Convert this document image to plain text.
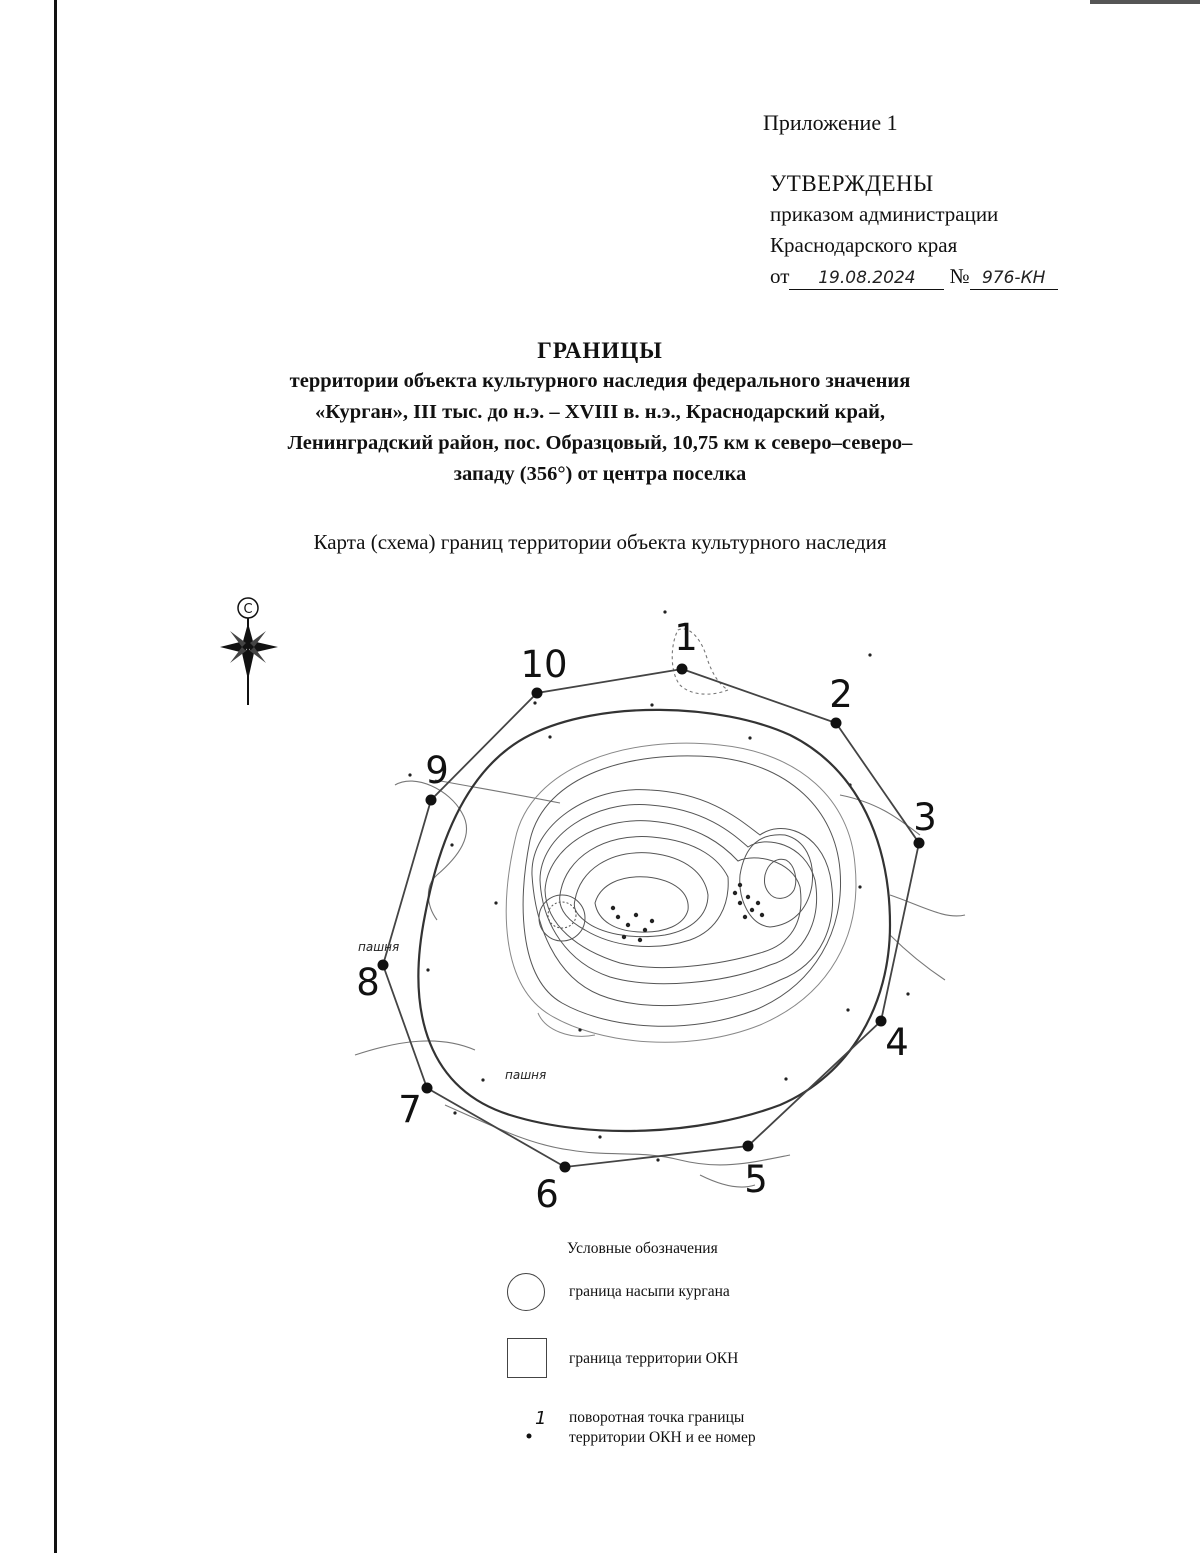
Приложение 1
УТВЕРЖДЕНЫ
приказом администрации
Краснодарского края
от 19.08.2024 № 976-КН
ГРАНИЦЫ
территории объекта культурного наследия федерального значения
«Курган», III тыс. до н.э. – XVIII в. н.э., Краснодарский край,
Ленинградский район, пос. Образцовый, 10,75 км к северо–северо–
западу (356°) от центра поселка
Карта (схема) границ территории объекта культурного наследия
С
1
2
3
4
5
6
7
8
9
10
пашня
пашня
Условные обозначения
граница насыпи кургана
граница территории ОКН
1 поворотная точка границы
территории ОКН и ее номер
